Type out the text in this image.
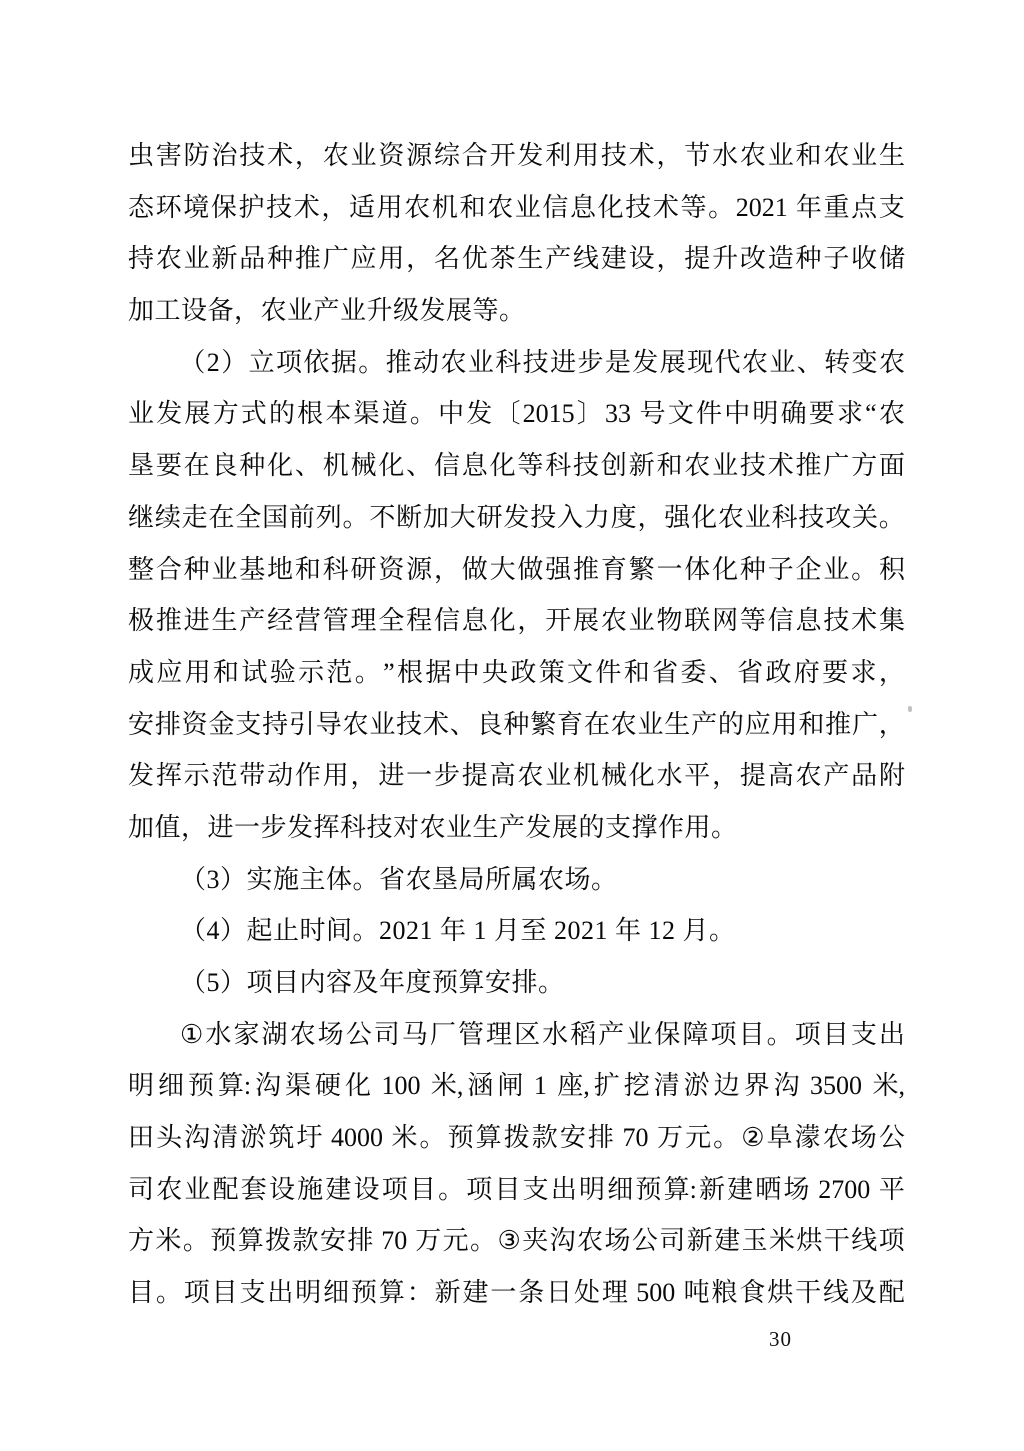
虫 害 防 治 技 术 ， 农 业 资 源 综 合 开 发 利 用 技 术 ， 节 水 农 业 和 农 业 生
态 环 境 保 护 技 术 ， 适 用 农 机 和 农 业 信 息 化 技 术 等 。 2021 年 重 点 支
持 农 业 新 品 种 推 广 应 用 ， 名 优 茶 生 产 线 建 设 ， 提 升 改 造 种 子 收 储
加工设备，农业产业升级发展等。
（ 2 ） 立 项 依 据 。 推 动 农 业 科 技 进 步 是 发 展 现 代 农 业 、 转 变 农
业 发 展 方 式 的 根 本 渠 道 。 中 发 〔 2015 〕 33 号 文 件 中 明 确 要 求 “ 农
垦 要 在 良 种 化 、 机 械 化 、 信 息 化 等 科 技 创 新 和 农 业 技 术 推 广 方 面
继 续 走 在 全 国 前 列 。 不 断 加 大 研 发 投 入 力 度 ， 强 化 农 业 科 技 攻 关 。
整 合 种 业 基 地 和 科 研 资 源 ， 做 大 做 强 推 育 繁 一 体 化 种 子 企 业 。 积
极 推 进 生 产 经 营 管 理 全 程 信 息 化 ， 开 展 农 业 物 联 网 等 信 息 技 术 集
成 应 用 和 试 验 示 范 。 ” 根 据 中 央 政 策 文 件 和 省 委 、 省 政 府 要 求 ，
安 排 资 金 支 持 引 导 农 业 技 术 、 良 种 繁 育 在 农 业 生 产 的 应 用 和 推 广 ，
发 挥 示 范 带 动 作 用 ， 进 一 步 提 高 农 业 机 械 化 水 平 ， 提 高 农 产 品 附
加值，进一步发挥科技对农业生产发展的支撑作用。
（3）实施主体。省农垦局所属农场。
（4）起止时间。2021 年 1 月至 2021 年 12 月。
（5）项目内容及年度预算安排。
① 水 家 湖 农 场 公 司 马 厂 管 理 区 水 稻 产 业 保 障 项 目 。 项 目 支 出
明 细 预 算: 沟 渠 硬 化 100 米, 涵 闸 1 座, 扩 挖 清 淤 边 界 沟 3500 米,
田 头 沟 清 淤 筑 圩 4000 米 。 预 算 拨 款 安 排 70 万 元 。 ② 阜 濛 农 场 公
司 农 业 配 套 设 施 建 设 项 目 。 项 目 支 出 明 细 预 算: 新 建 晒 场 2700 平
方 米 。 预 算 拨 款 安 排 70 万 元 。 ③ 夹 沟 农 场 公 司 新 建 玉 米 烘 干 线 项
目 。 项 目 支 出 明 细 预 算 ： 新 建 一 条 日 处 理 500 吨 粮 食 烘 干 线 及 配
30
